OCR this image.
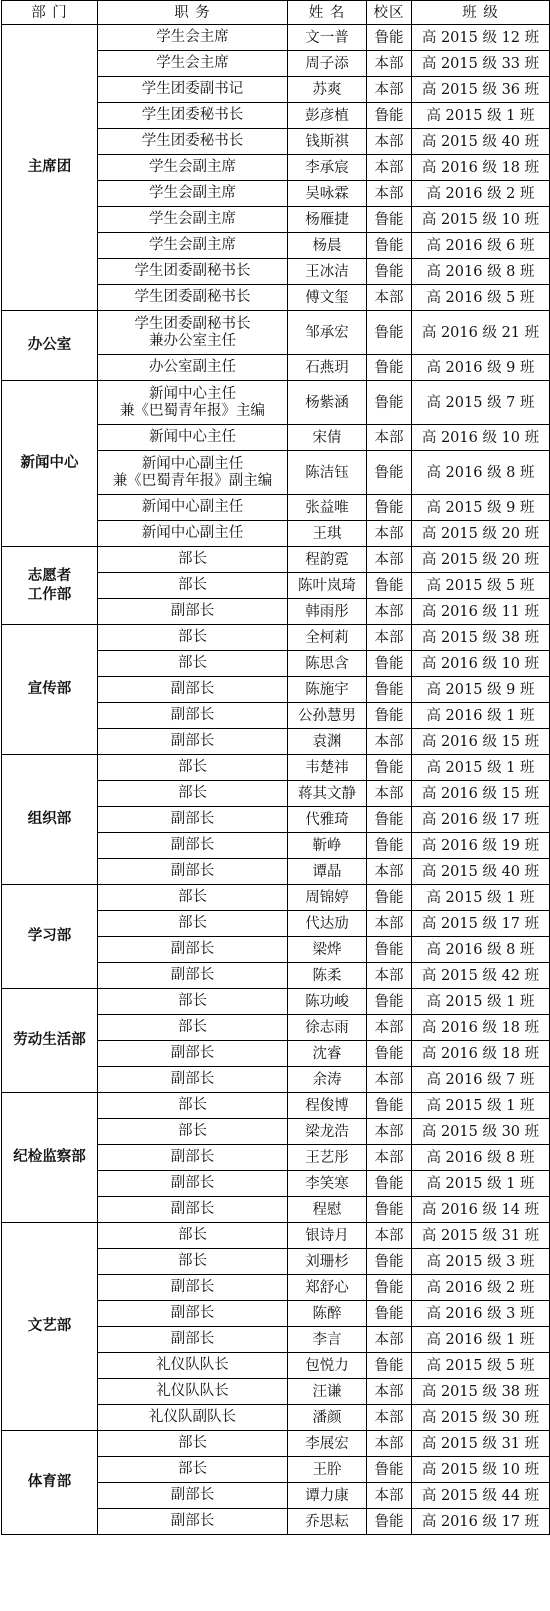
部 门	职 务	姓 名	校区	班 级

主席团	学生会主席	文一普	鲁能	高 2015 级 12 班

	学生会主席	周子添	本部	高 2015 级 33 班

	学生团委副书记	苏爽	本部	高 2015 级 36 班

	学生团委秘书长	彭彦植	鲁能	高 2015 级 1 班

	学生团委秘书长	钱斯祺	本部	高 2015 级 40 班

	学生会副主席	李承宸	本部	高 2016 级 18 班

	学生会副主席	吴咏霖	本部	高 2016 级 2 班

	学生会副主席	杨雁捷	鲁能	高 2015 级 10 班

	学生会副主席	杨晨	鲁能	高 2016 级 6 班

	学生团委副秘书长	王冰洁	鲁能	高 2016 级 8 班

	学生团委副秘书长	傅文玺	本部	高 2016 级 5 班

办公室	学生团委副秘书长
兼办公室主任	邹承宏	鲁能	高 2016 级 21 班

	办公室副主任	石燕玥	鲁能	高 2016 级 9 班

新闻中心	新闻中心主任
兼《巴蜀青年报》主编	杨紫涵	鲁能	高 2015 级 7 班

	新闻中心主任	宋倩	本部	高 2016 级 10 班

	新闻中心副主任
兼《巴蜀青年报》副主编	陈洁钰	鲁能	高 2016 级 8 班

	新闻中心副主任	张益唯	鲁能	高 2015 级 9 班

	新闻中心副主任	王琪	本部	高 2015 级 20 班

志愿者
工作部	部长	程韵霓	本部	高 2015 级 20 班

	部长	陈叶岚琦	鲁能	高 2015 级 5 班

	副部长	韩雨彤	本部	高 2016 级 11 班

宣传部	部长	全柯莉	本部	高 2015 级 38 班

	部长	陈思含	鲁能	高 2016 级 10 班

	副部长	陈施宇	鲁能	高 2015 级 9 班

	副部长	公孙慧男	鲁能	高 2016 级 1 班

	副部长	袁渊	本部	高 2016 级 15 班

组织部	部长	韦楚祎	鲁能	高 2015 级 1 班

	部长	蒋其文静	本部	高 2016 级 15 班

	副部长	代雅琦	鲁能	高 2016 级 17 班

	副部长	靳峥	鲁能	高 2016 级 19 班

	副部长	谭晶	本部	高 2015 级 40 班

学习部	部长	周锦婷	鲁能	高 2015 级 1 班

	部长	代达劢	本部	高 2015 级 17 班

	副部长	梁烨	鲁能	高 2016 级 8 班

	副部长	陈柔	本部	高 2015 级 42 班

劳动生活部	部长	陈功峻	鲁能	高 2015 级 1 班

	部长	徐志雨	本部	高 2016 级 18 班

	副部长	沈睿	鲁能	高 2016 级 18 班

	副部长	余涛	本部	高 2016 级 7 班

纪检监察部	部长	程俊博	鲁能	高 2015 级 1 班

	部长	梁龙浩	本部	高 2015 级 30 班

	副部长	王艺彤	本部	高 2016 级 8 班

	副部长	李笑寒	鲁能	高 2015 级 1 班

	副部长	程慰	鲁能	高 2016 级 14 班

文艺部	部长	银诗月	本部	高 2015 级 31 班

	部长	刘珊杉	鲁能	高 2015 级 3 班

	副部长	郑舒心	鲁能	高 2016 级 2 班

	副部长	陈醉	鲁能	高 2016 级 3 班

	副部长	李言	本部	高 2016 级 1 班

	礼仪队队长	包悦力	鲁能	高 2015 级 5 班

	礼仪队队长	汪谦	本部	高 2015 级 38 班

	礼仪队副队长	潘颜	本部	高 2015 级 30 班

体育部	部长	李展宏	本部	高 2015 级 31 班

	部长	王肸	鲁能	高 2015 级 10 班

	副部长	谭力康	本部	高 2015 级 44 班

	副部长	乔思耘	鲁能	高 2016 级 17 班
